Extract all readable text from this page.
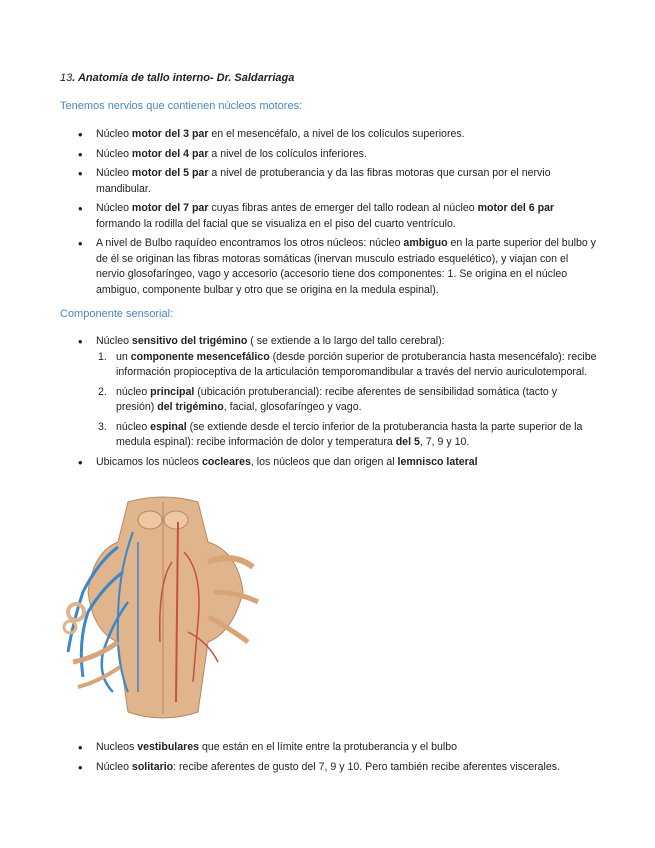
13. Anatomía de tallo interno- Dr. Saldarriaga
Tenemos nervios que contienen núcleos motores:
• Núcleo motor del 3 par en el mesencéfalo, a nivel de los colículos superiores.
• Núcleo motor del 4 par a nivel de los colículos inferiores.
• Núcleo motor del 5 par a nivel de protuberancia y da las fibras motoras que cursan por el nervio mandibular.
• Núcleo motor del 7 par cuyas fibras antes de emerger del tallo rodean al núcleo motor del 6 par formando la rodilla del facial que se visualiza en el piso del cuarto ventrículo.
• A nivel de Bulbo raquídeo encontramos los otros núcleos: núcleo ambiguo en la parte superior del bulbo y de él se originan las fibras motoras somáticas (inervan musculo estriado esquelético), y viajan con el nervio glosofaríngeo, vago y accesorio (accesorio tiene dos componentes: 1. Se origina en el núcleo ambiguo, componente bulbar y otro que se origina en la medula espinal).
Componente sensorial:
• Núcleo sensitivo del trigémino ( se extiende a lo largo del tallo cerebral):
1. un componente mesencefálico (desde porción superior de protuberancia hasta mesencéfalo): recibe información propioceptiva de la articulación temporomandibular a través del nervio auriculotemporal.
2. núcleo principal (ubicación protuberancial): recibe aferentes de sensibilidad somática (tacto y presión) del trigémino, facial, glosofaríngeo y vago.
3. núcleo espinal (se extiende desde el tercio inferior de la protuberancia hasta la parte superior de la medula espinal): recibe información de dolor y temperatura del 5, 7, 9 y 10.
• Ubicamos los núcleos cocleares, los núcleos que dan origen al lemnisco lateral
• Nucleos vestibulares que están en el límite entre la protuberancia y el bulbo
• Núcleo solitario: recibe aferentes de gusto del 7, 9 y 10. Pero también recibe aferentes viscerales.
